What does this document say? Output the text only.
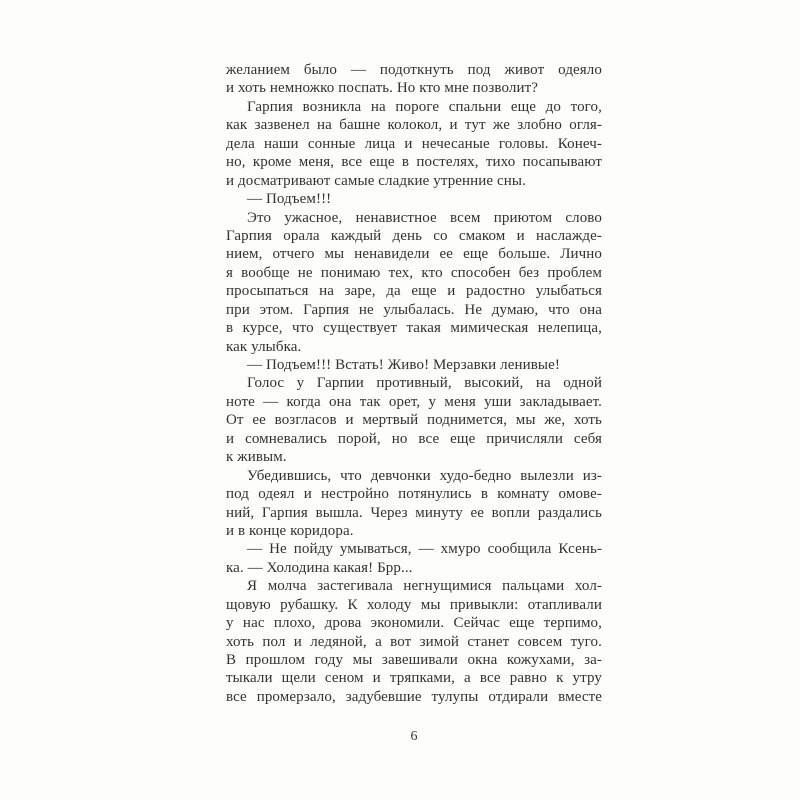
желанием было — подоткнуть под живот одеяло
и хоть немножко поспать. Но кто мне позволит?
Гарпия возникла на пороге спальни еще до того,
как зазвенел на башне колокол, и тут же злобно огля-
дела наши сонные лица и нечесаные головы. Конеч-
но, кроме меня, все еще в постелях, тихо посапывают
и досматривают самые сладкие утренние сны.
— Подъем!!!
Это ужасное, ненавистное всем приютом слово
Гарпия орала каждый день со смаком и наслажде-
нием, отчего мы ненавидели ее еще больше. Лично
я вообще не понимаю тех, кто способен без проблем
просыпаться на заре, да еще и радостно улыбаться
при этом. Гарпия не улыбалась. Не думаю, что она
в курсе, что существует такая мимическая нелепица,
как улыбка.
— Подъем!!! Встать! Живо! Мерзавки ленивые!
Голос у Гарпии противный, высокий, на одной
ноте — когда она так орет, у меня уши закладывает.
От ее возгласов и мертвый поднимется, мы же, хоть
и сомневались порой, но все еще причисляли себя
к живым.
Убедившись, что девчонки худо-бедно вылезли из-
под одеял и нестройно потянулись в комнату омове-
ний, Гарпия вышла. Через минуту ее вопли раздались
и в конце коридора.
— Не пойду умываться, — хмуро сообщила Ксень-
ка. — Холодина какая! Брр...
Я молча застегивала негнущимися пальцами хол-
щовую рубашку. К холоду мы привыкли: отапливали
у нас плохо, дрова экономили. Сейчас еще терпимо,
хоть пол и ледяной, а вот зимой станет совсем туго.
В прошлом году мы завешивали окна кожухами, за-
тыкали щели сеном и тряпками, а все равно к утру
все промерзало, задубевшие тулупы отдирали вместе
6
